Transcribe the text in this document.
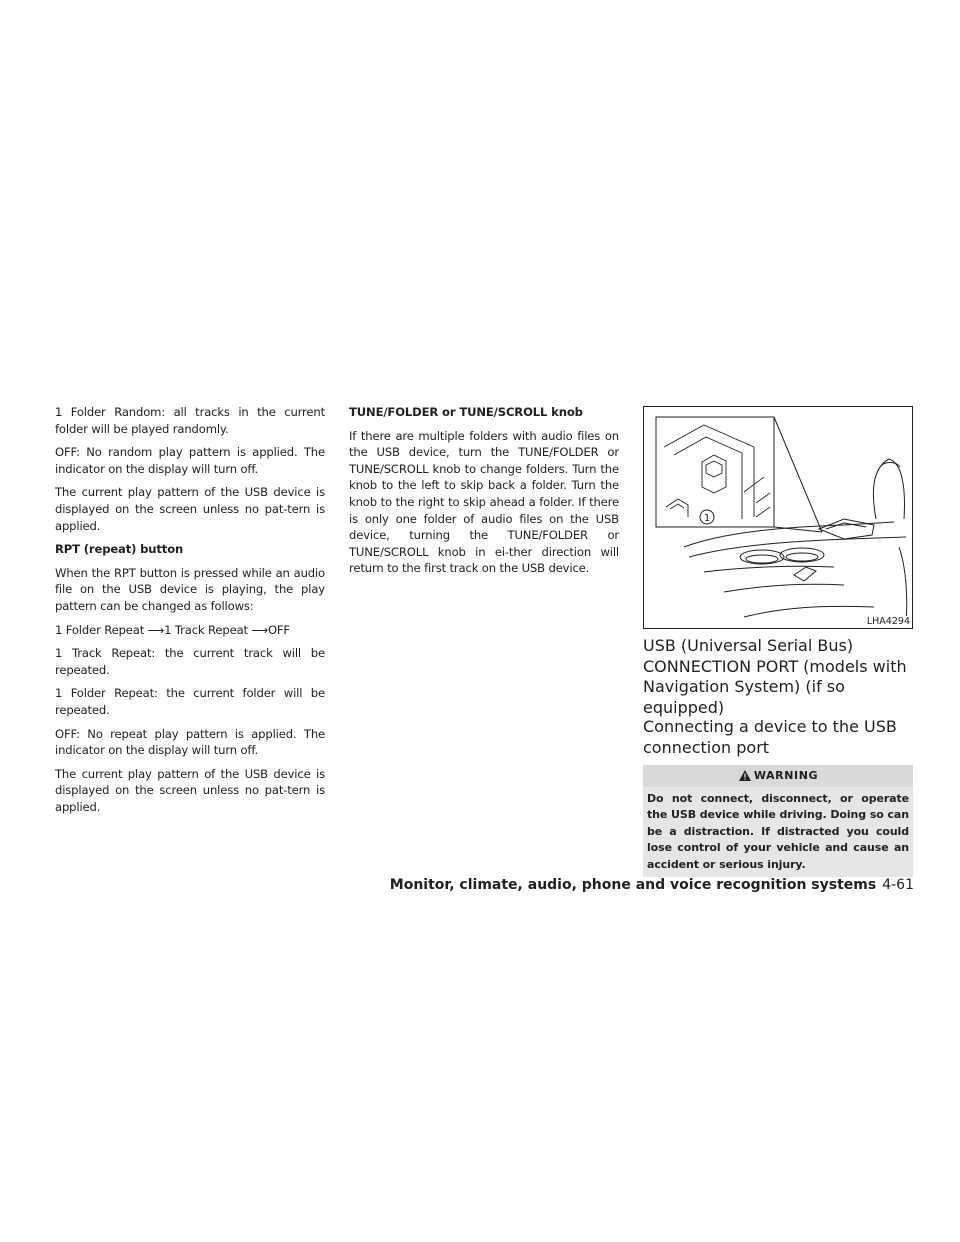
1 Folder Random: all tracks in the current folder will be played randomly.

OFF: No random play pattern is applied. The indicator on the display will turn off.

The current play pattern of the USB device is displayed on the screen unless no pat-tern is applied.

RPT (repeat) button

When the RPT button is pressed while an audio file on the USB device is playing, the play pattern can be changed as follows:

1 Folder Repeat ⟶1 Track Repeat ⟶OFF

1 Track Repeat: the current track will be repeated.

1 Folder Repeat: the current folder will be repeated.

OFF: No repeat play pattern is applied. The indicator on the display will turn off.

The current play pattern of the USB device is displayed on the screen unless no pat-tern is applied.

TUNE/FOLDER or TUNE/SCROLL knob

If there are multiple folders with audio files on the USB device, turn the TUNE/FOLDER or TUNE/SCROLL knob to change folders. Turn the knob to the left to skip back a folder. Turn the knob to the right to skip ahead a folder. If there is only one folder of audio files on the USB device, turning the TUNE/FOLDER or TUNE/SCROLL knob in ei-ther direction will return to the first track on the USB device.

1
LHA4294
USB (Universal Serial Bus) CONNECTION PORT (models with Navigation System) (if so equipped)
Connecting a device to the USB connection port
WARNING
Do not connect, disconnect, or operate the USB device while driving. Doing so can be a distraction. If distracted you could lose control of your vehicle and cause an accident or serious injury.
Monitor, climate, audio, phone and voice recognition systems 4-61
